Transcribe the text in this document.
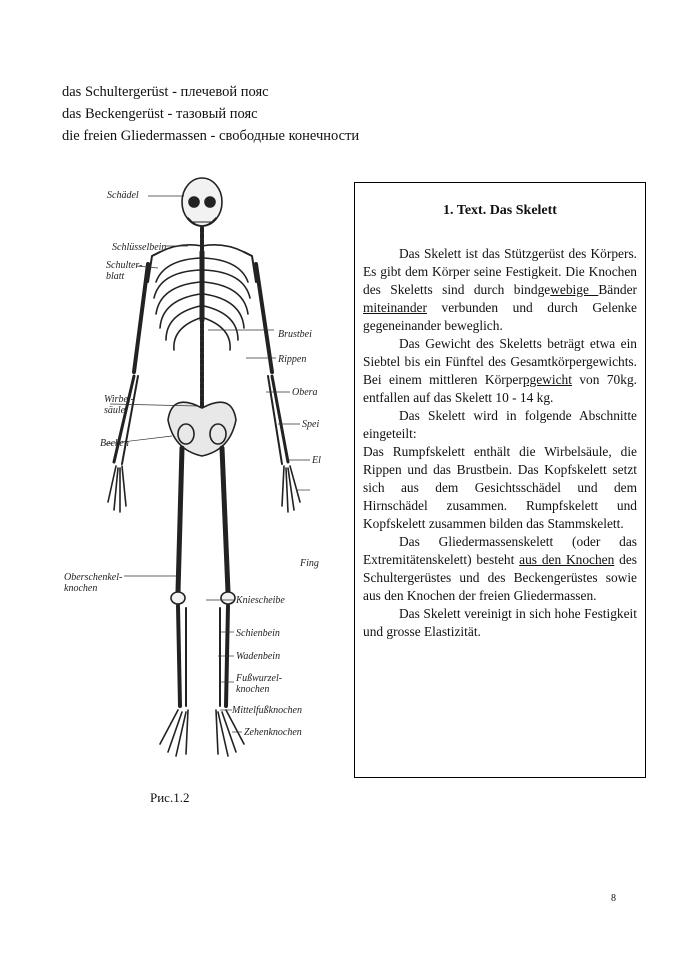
das Schultergerüst - плечевой пояс
das Beckengerüst - тазовый пояс
die freien Gliedermassen - свободные конечности
Schädel
Schlüsselbein
Schulter-
blatt
Brustbei
Rippen
Obera
Wirbel-
säule
Spei
Becken
El
Fing
Oberschenkel-
knochen
Kniescheibe
Schienbein
Wadenbein
Fußwurzel-
knochen
Mittelfußknochen
Zehenknochen
Рис.1.2
1. Text. Das Skelett

Das Skelett ist das Stützgerüst des Körpers. Es gibt dem Körper seine Festigkeit. Die Knochen des Skeletts sind durch bindgewebige Bänder miteinander verbunden und durch Gelenke gegeneinander beweglich.

Das Gewicht des Skeletts beträgt etwa ein Siebtel bis ein Fünftel des Gesamtkörpergewichts. Bei einem mittleren Körperpgewicht von 70kg. entfallen auf das Skelett 10 - 14 kg.

Das Skelett wird in folgende Abschnitte eingeteilt:

Das Rumpfskelett enthält die Wirbelsäule, die Rippen und das Brustbein. Das Kopfskelett setzt sich aus dem Gesichtsschädel und dem Hirnschädel zusammen. Rumpfskelett und Kopfskelett zusammen bilden das Stammskelett.

Das Gliedermassenskelett (oder das Extremitätenskelett) besteht aus den Knochen des Schultergerüstes und des Beckengerüstes sowie aus den Knochen der freien Gliedermassen.

Das Skelett vereinigt in sich hohe Festigkeit und grosse Elastizität.

8
